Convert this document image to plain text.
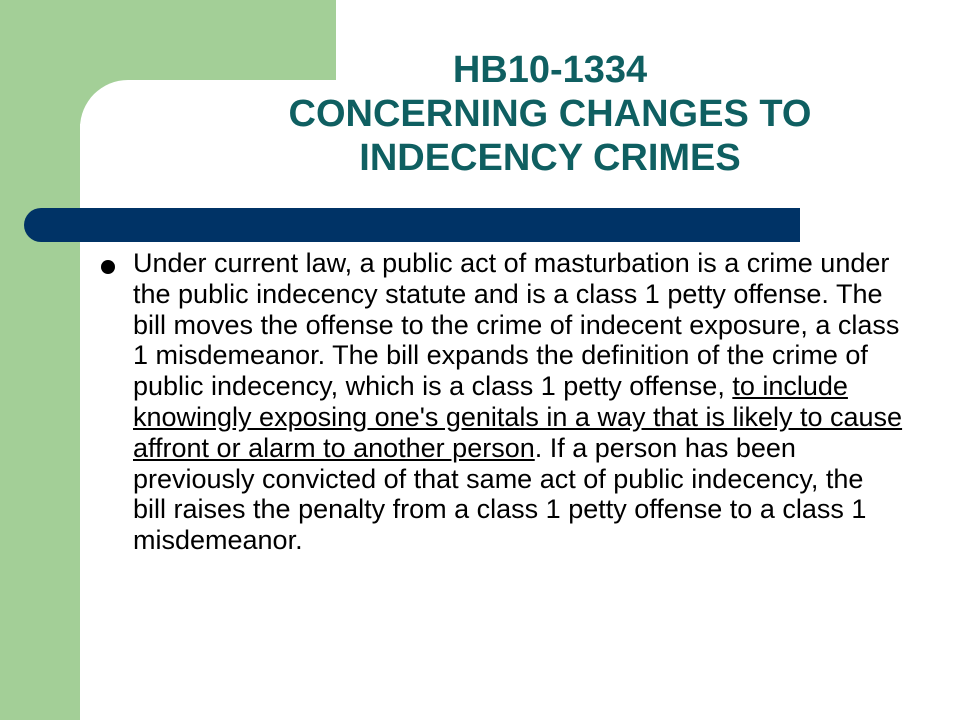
HB10-1334
CONCERNING CHANGES TO
INDECENCY CRIMES

Under current law, a public act of masturbation is a crime under the public indecency statute and is a class 1 petty offense. The bill moves the offense to the crime of indecent exposure, a class 1 misdemeanor. The bill expands the definition of the crime of public indecency, which is a class 1 petty offense, to include knowingly exposing one's genitals in a way that is likely to cause affront or alarm to another person. If a person has been previously convicted of that same act of public indecency, the bill raises the penalty from a class 1 petty offense to a class 1 misdemeanor.
